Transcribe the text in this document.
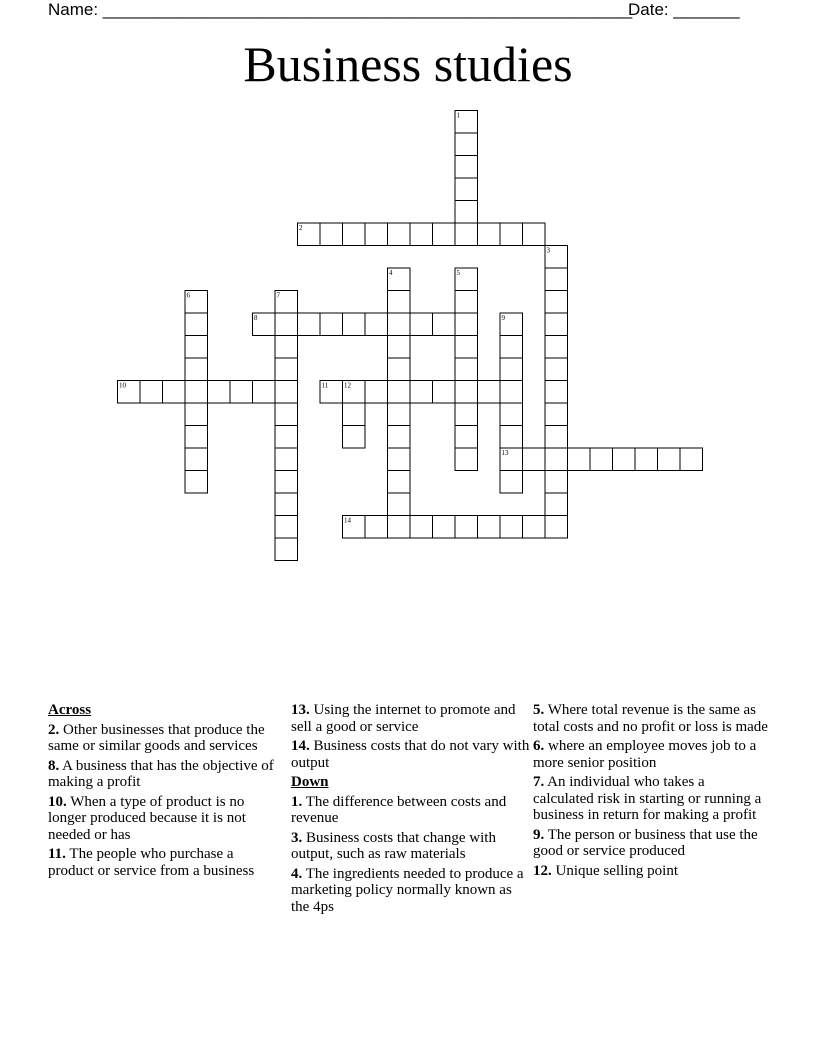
Name: ________________________________________________________
Date: _______
Business studies
1
2
3
4	5
6	7
8	9
10	11 12
13
14
Across
2. Other businesses that produce the same or similar goods and services
8. A business that has the objective of making a profit
10. When a type of product is no longer produced because it is not needed or has
11. The people who purchase a product or service from a business
13. Using the internet to promote and sell a good or service
14. Business costs that do not vary with output
Down
1. The difference between costs and revenue
3. Business costs that change with output, such as raw materials
4. The ingredients needed to produce a marketing policy normally known as the 4ps
5. Where total revenue is the same as total costs and no profit or loss is made
6. where an employee moves job to a more senior position
7. An individual who takes a calculated risk in starting or running a business in return for making a profit
9. The person or business that use the good or service produced
12. Unique selling point
